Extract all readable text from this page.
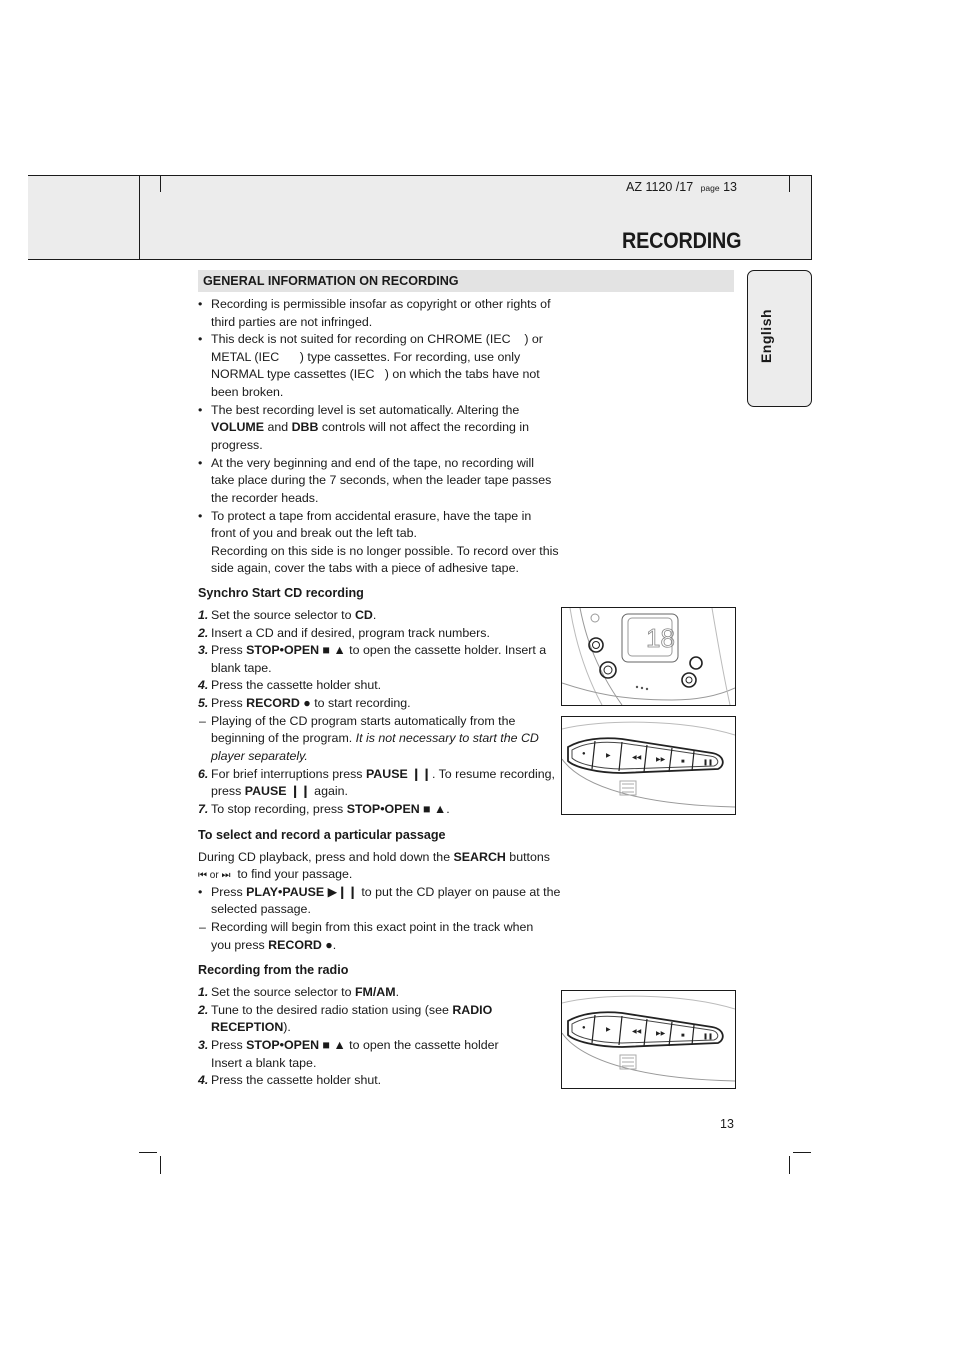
AZ 1120 /17 page 13
RECORDING
English
GENERAL INFORMATION ON RECORDING
• Recording is permissible insofar as copyright or other rights of
third parties are not infringed.
• This deck is not suited for recording on CHROME (IEC    ) or
METAL (IEC      ) type cassettes. For recording, use only
NORMAL type cassettes (IEC   ) on which the tabs have not
been broken.
• The best recording level is set automatically. Altering the
VOLUME and DBB controls will not affect the recording in
progress.
• At the very beginning and end of the tape, no recording will
take place during the 7 seconds, when the leader tape passes
the recorder heads.
• To protect a tape from accidental erasure, have the tape in
front of you and break out the left tab.
Recording on this side is no longer possible. To record over this
side again, cover the tabs with a piece of adhesive tape.
Synchro Start CD recording
1. Set the source selector to CD.
2. Insert a CD and if desired, program track numbers.
3. Press STOP•OPEN ■ ▲ to open the cassette holder. Insert a
blank tape.
4. Press the cassette holder shut.
5. Press RECORD ● to start recording.
– Playing of the CD program starts automatically from the
beginning of the program. It is not necessary to start the CD
player separately.
6. For brief interruptions press PAUSE ❙❙. To resume recording,
press PAUSE ❙❙ again.
7. To stop recording, press STOP•OPEN ■ ▲.
To select and record a particular passage
During CD playback, press and hold down the SEARCH buttons
⏮ or ⏭  to find your passage.
• Press PLAY•PAUSE ▶❙❙ to put the CD player on pause at the
selected passage.
– Recording will begin from this exact point in the track when
you press RECORD ●.
Recording from the radio
1. Set the source selector to FM/AM.
2. Tune to the desired radio station using (see RADIO
RECEPTION).
3. Press STOP•OPEN ■ ▲ to open the cassette holder
Insert a blank tape.
4. Press the cassette holder shut.
18
●	▶	◀◀ ▶▶	■	❚❚
●	▶	◀◀ ▶▶	■	❚❚
13
